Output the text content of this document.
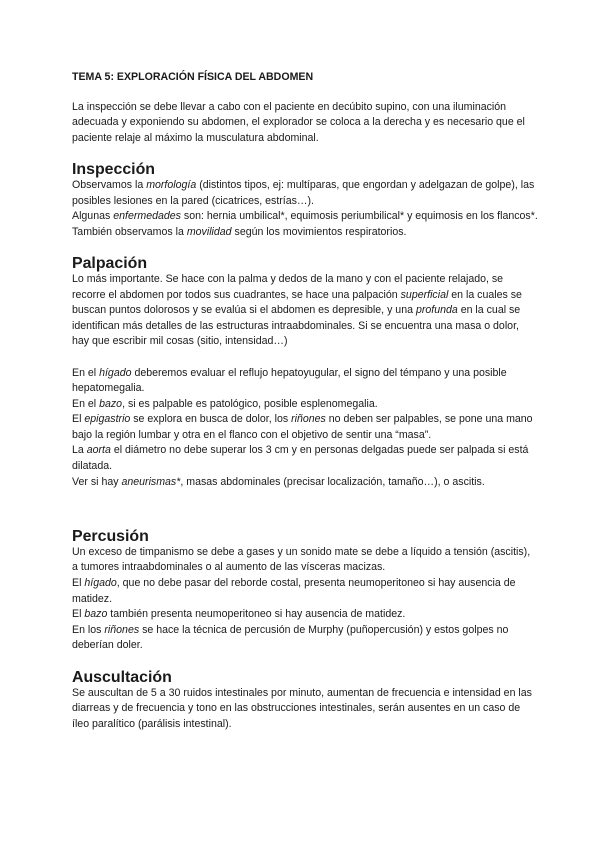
TEMA 5: EXPLORACIÓN FÍSICA DEL ABDOMEN

La inspección se debe llevar a cabo con el paciente en decúbito supino, con una iluminación adecuada y exponiendo su abdomen, el explorador se coloca a la derecha y es necesario que el paciente relaje al máximo la musculatura abdominal.

Inspección

Observamos la morfología (distintos tipos, ej: multíparas, que engordan y adelgazan de golpe), las posibles lesiones en la pared (cicatrices, estrías…).

Algunas enfermedades son: hernia umbilical*, equimosis periumbilical* y equimosis en los flancos*. También observamos la movilidad según los movimientos respiratorios.

Palpación

Lo más importante. Se hace con la palma y dedos de la mano y con el paciente relajado, se recorre el abdomen por todos sus cuadrantes, se hace una palpación superficial en la cuales se buscan puntos dolorosos y se evalúa si el abdomen es depresible, y una profunda en la cual se identifican más detalles de las estructuras intraabdominales. Si se encuentra una masa o dolor, hay que escribir mil cosas (sitio, intensidad…)

En el hígado deberemos evaluar el reflujo hepatoyugular, el signo del témpano y una posible hepatomegalia.

En el bazo, si es palpable es patológico, posible esplenomegalia.

El epigastrio se explora en busca de dolor, los riñones no deben ser palpables, se pone una mano bajo la región lumbar y otra en el flanco con el objetivo de sentir una “masa”.

La aorta el diámetro no debe superar los 3 cm y en personas delgadas puede ser palpada si está dilatada.

Ver si hay aneurismas*, masas abdominales (precisar localización, tamaño…), o ascitis.

Percusión

Un exceso de timpanismo se debe a gases y un sonido mate se debe a líquido a tensión (ascitis), a tumores intraabdominales o al aumento de las vísceras macizas.

El hígado, que no debe pasar del reborde costal, presenta neumoperitoneo si hay ausencia de matidez.

El bazo también presenta neumoperitoneo si hay ausencia de matidez.

En los riñones se hace la técnica de percusión de Murphy (puñopercusión) y estos golpes no deberían doler.

Auscultación

Se auscultan de 5 a 30 ruidos intestinales por minuto, aumentan de frecuencia e intensidad en las diarreas y de frecuencia y tono en las obstrucciones intestinales, serán ausentes en un caso de íleo paralítico (parálisis intestinal).
